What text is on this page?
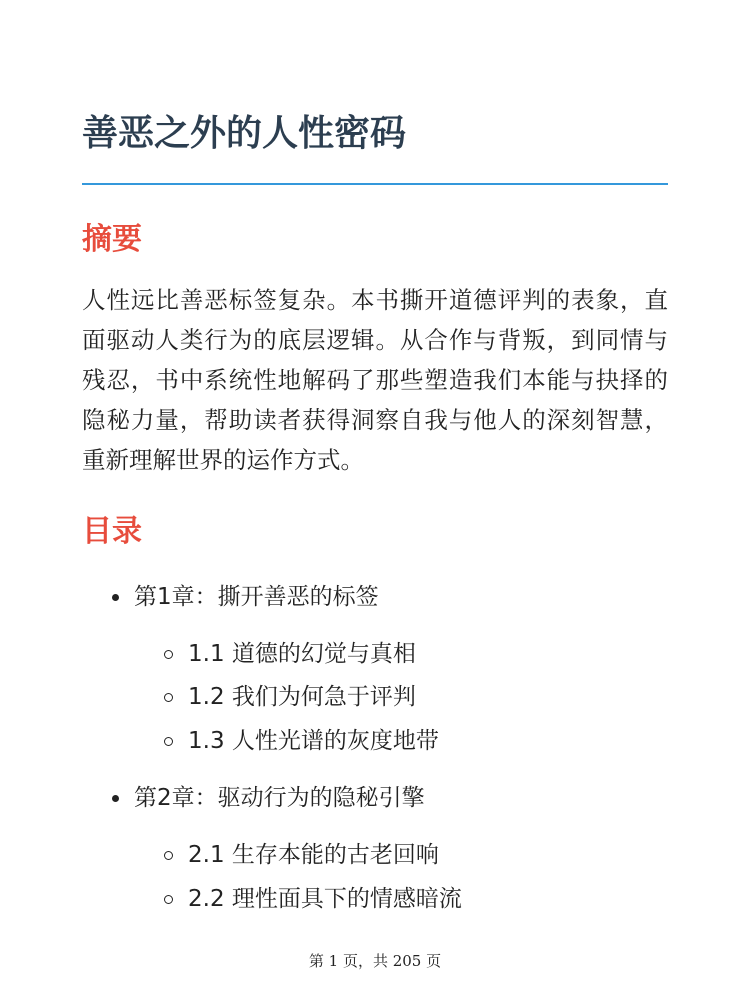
善恶之外的人性密码
摘要

人性远比善恶标签复杂。本书撕开道德评判的表象，直面驱动人类行为的底层逻辑。从合作与背叛，到同情与残忍，书中系统性地解码了那些塑造我们本能与抉择的隐秘力量，帮助读者获得洞察自我与他人的深刻智慧，重新理解世界的运作方式。

目录
第1章：撕开善恶的标签
1.1 道德的幻觉与真相
1.2 我们为何急于评判
1.3 人性光谱的灰度地带
第2章：驱动行为的隐秘引擎
2.1 生存本能的古老回响
2.2 理性面具下的情感暗流
第 1 页，共 205 页
